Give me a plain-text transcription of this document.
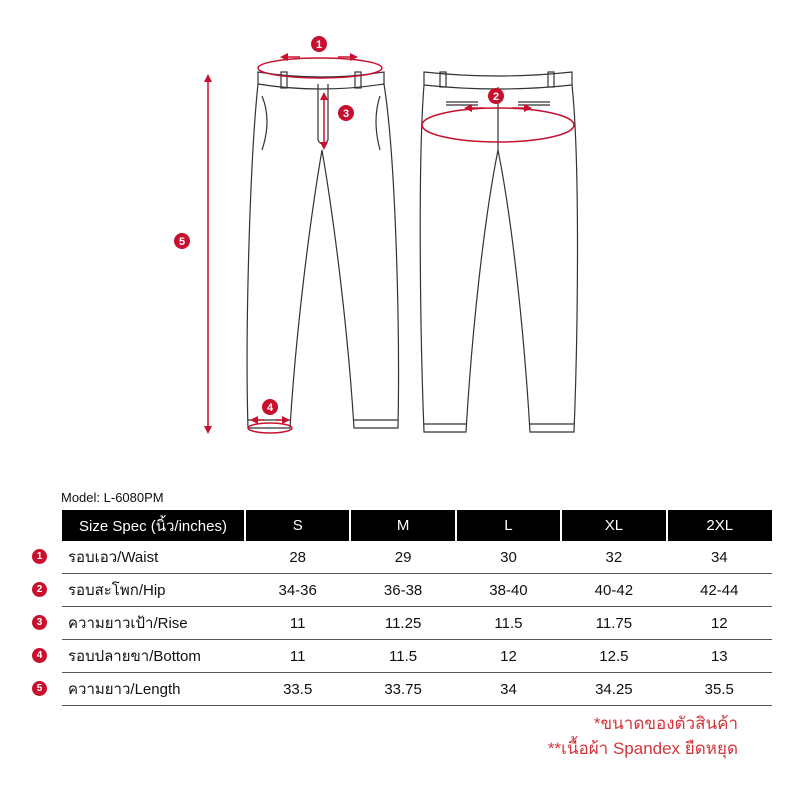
1
2
3
4
5
Model: L-6080PM
Size Spec (นิ้ว/inches)	S	M	L	XL	2XL

1 รอบเอว/Waist	28	29	30	32	34

2 รอบสะโพก/Hip	34-36	36-38	38-40	40-42	42-44

3 ความยาวเป้า/Rise	11	11.25	11.5	11.75	12

4 รอบปลายขา/Bottom	11	11.5	12	12.5	13

5 ความยาว/Length	33.5	33.75	34	34.25	35.5
*ขนาดของตัวสินค้า
**เนื้อผ้า Spandex ยืดหยุด
